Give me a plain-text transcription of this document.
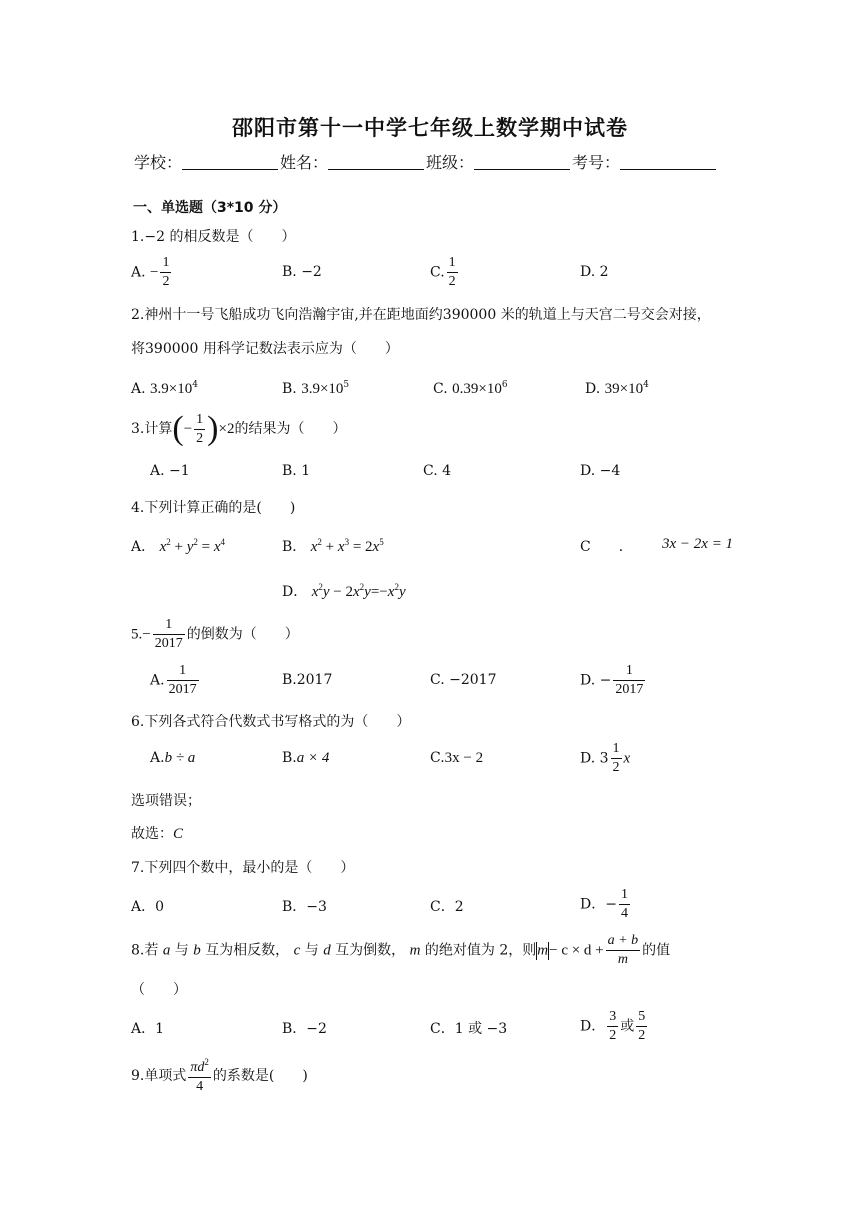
邵阳市第十一中学七年级上数学期中试卷
学校：	姓名：	班级：	考号：
一、单选题（3*10 分）
1.−2 的相反数是（　　）
A. − $\frac{1}{2}$	B. −2	C. $\frac{1}{2}$	D. 2
2.神州十一号飞船成功飞向浩瀚宇宙,并在距地面约390000 米的轨道上与天宫二号交会对接，
将390000 用科学记数法表示应为（　　）
A. $3.9\times 10^4$	B. $3.9\times 10^5$	C. $0.39\times 10^6$	D. $39\times 10^4$
3.计算(− $\frac{1}{2} )\times 2$的结果为（　　）
A. −1	B. 1	C. 4	D. −4
4.下列计算正确的是(　　)
A． $x^2 + y^2 = x^4$	B． $x^2 + x^3 = 2x^5$	C　　． 3x − 2x = 1
D． $x^2y - 2x^2y=-x^2y$
$5.- \frac{1}{2017}$ 的倒数为（　　）
A. $\frac{1}{2017}$	B.2017	C. −2017	D. − $\frac{1}{2017}$
6.下列各式符合代数式书写格式的为（　　）
A.b ÷ a	B.a × 4	C.3x − 2	D. $3 \frac{1}{2}$ x
选项错误；
故选：C
7.下列四个数中，最小的是（　　）
A．0	B．−3	C．2	D．− $\frac{1}{4}$
8.若 a 与 b 互为相反数， c 与 d 互为倒数， m 的绝对值为 2，则$m- c \times d + \frac{a + b}{m}$ 的值
（　　）
A．1	B．−2	C．1 或 −3	D． $\frac{3}{2}$ 或 $\frac{5}{2}$
9.单项式 $\frac{\pi d^2}{4}$ 的系数是(　　)
